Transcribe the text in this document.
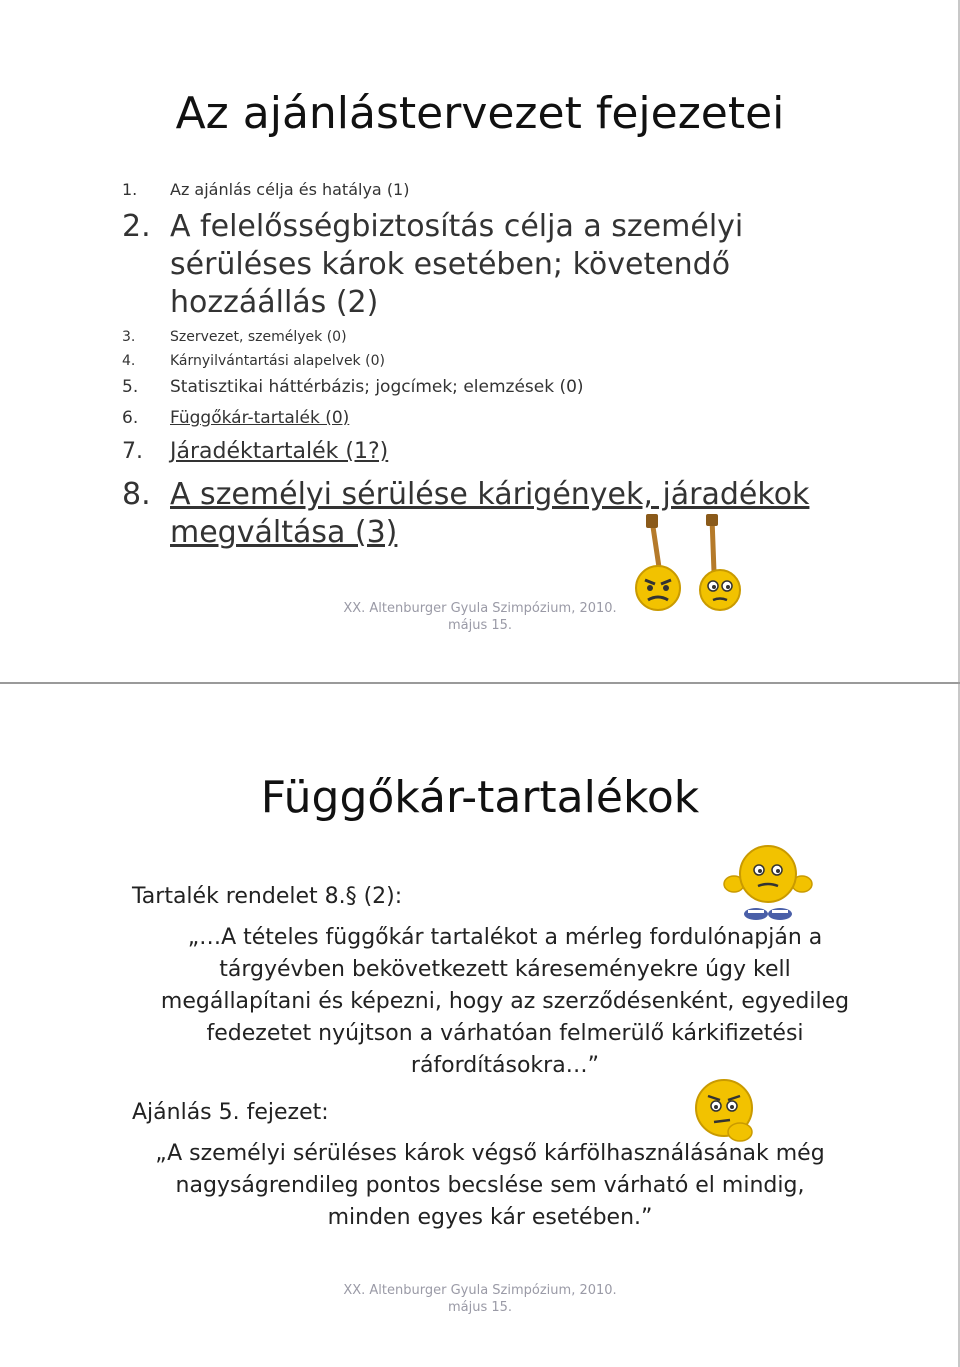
Az ajánlástervezet fejezetei
1. Az ajánlás célja és hatálya (1)
2. A felelősségbiztosítás célja a személyi sérüléses károk esetében; követendő hozzáállás (2)
3. Szervezet, személyek (0)
4. Kárnyilvántartási alapelvek (0)
5. Statisztikai háttérbázis; jogcímek; elemzések (0)
6. Függőkár-tartalék (0)
7. Járadéktartalék (1?)
8. A személyi sérülése kárigények, járadékok megváltása (3)
XX. Altenburger Gyula Szimpózium, 2010.
május 15.
Függőkár-tartalékok
Tartalék rendelet 8.§ (2):
„…A tételes függőkár tartalékot a mérleg fordulónapján a tárgyévben bekövetkezett káreseményekre úgy kell megállapítani és képezni, hogy az szerződésenként, egyedileg fedezetet nyújtson a várhatóan felmerülő kárkifizetési ráfordításokra…”
Ajánlás 5. fejezet:
„A személyi sérüléses károk végső kárfölhasználásának még nagyságrendileg pontos becslése sem várható el mindig, minden egyes kár esetében.”
XX. Altenburger Gyula Szimpózium, 2010.
május 15.
